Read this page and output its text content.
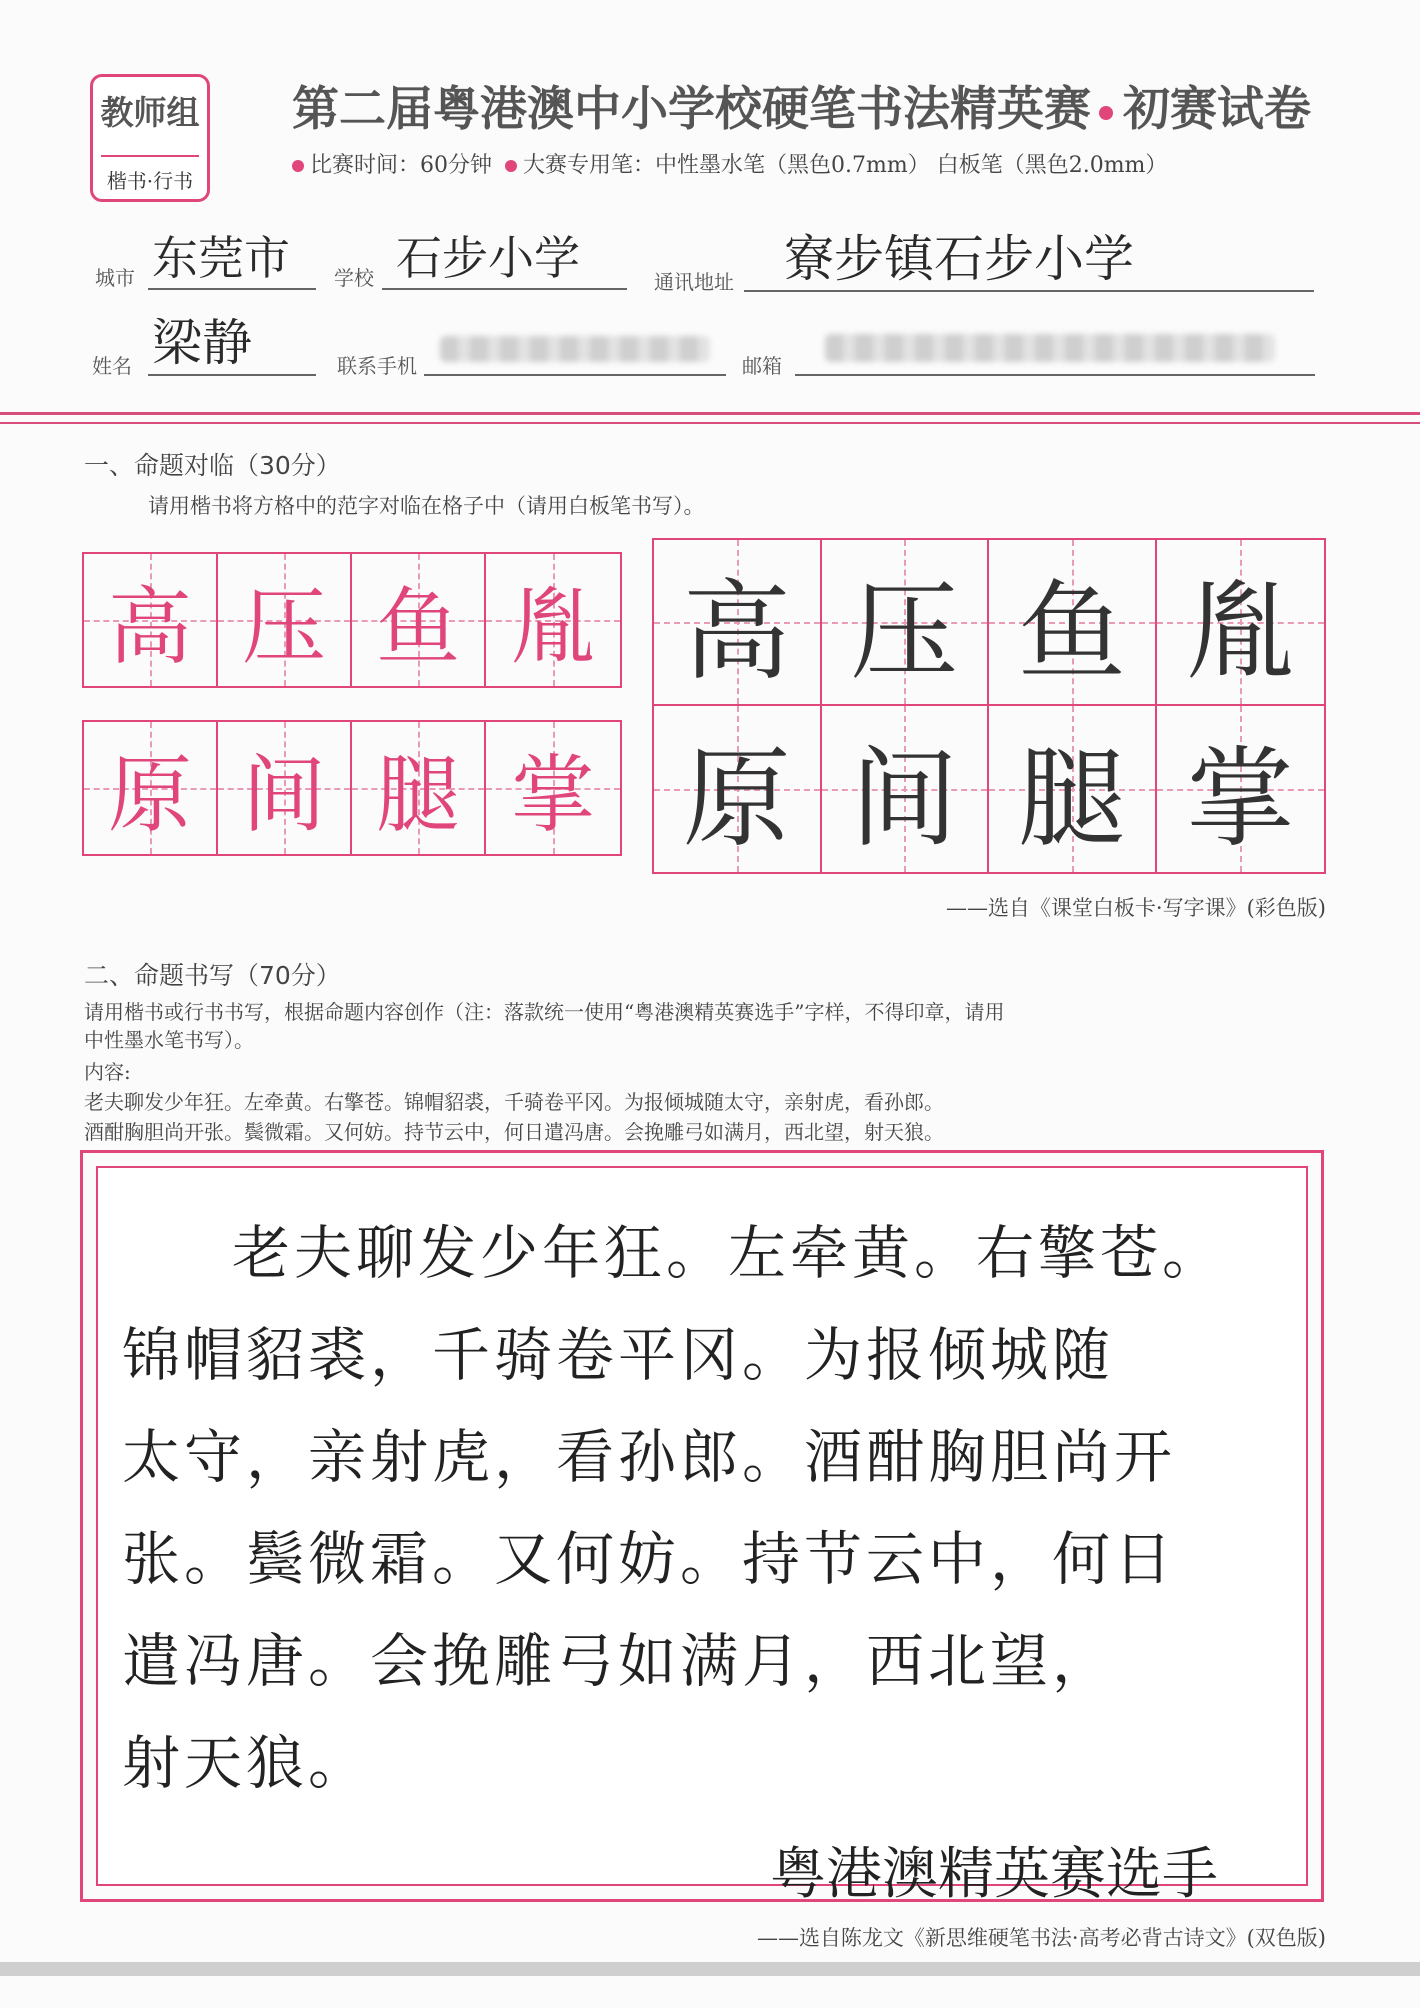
教师组
楷书·行书
第二届粤港澳中小学校硬笔书法精英赛 初赛试卷
比赛时间：60分钟 大赛专用笔：中性墨水笔（黑色0.7mm） 白板笔（黑色2.0mm）
城市 东莞市	学校 石步小学	通讯地址	寮步镇石步小学
姓名 梁静	联系手机	邮箱
一、命题对临（30分）
请用楷书将方格中的范字对临在格子中（请用白板笔书写）。
高 压 鱼 胤
原 间 腿 掌
高 压 鱼 胤
原 间 腿 掌
——选自《课堂白板卡·写字课》(彩色版)
二、命题书写（70分）
请用楷书或行书书写，根据命题内容创作（注：落款统一使用“粤港澳精英赛选手”字样，不得印章，请用
中性墨水笔书写）。
内容:
老夫聊发少年狂。左牵黄。右擎苍。锦帽貂裘，千骑卷平冈。为报倾城随太守，亲射虎，看孙郎。
酒酣胸胆尚开张。鬓微霜。又何妨。持节云中，何日遣冯唐。会挽雕弓如满月，西北望，射天狼。
老夫聊发少年狂。左牵黄。右擎苍。
锦帽貂裘，千骑卷平冈。为报倾城随
太守，亲射虎，看孙郎。酒酣胸胆尚开
张。鬓微霜。又何妨。持节云中，何日
遣冯唐。会挽雕弓如满月，西北望，
射天狼。
粤港澳精英赛选手
——选自陈龙文《新思维硬笔书法·高考必背古诗文》(双色版)
